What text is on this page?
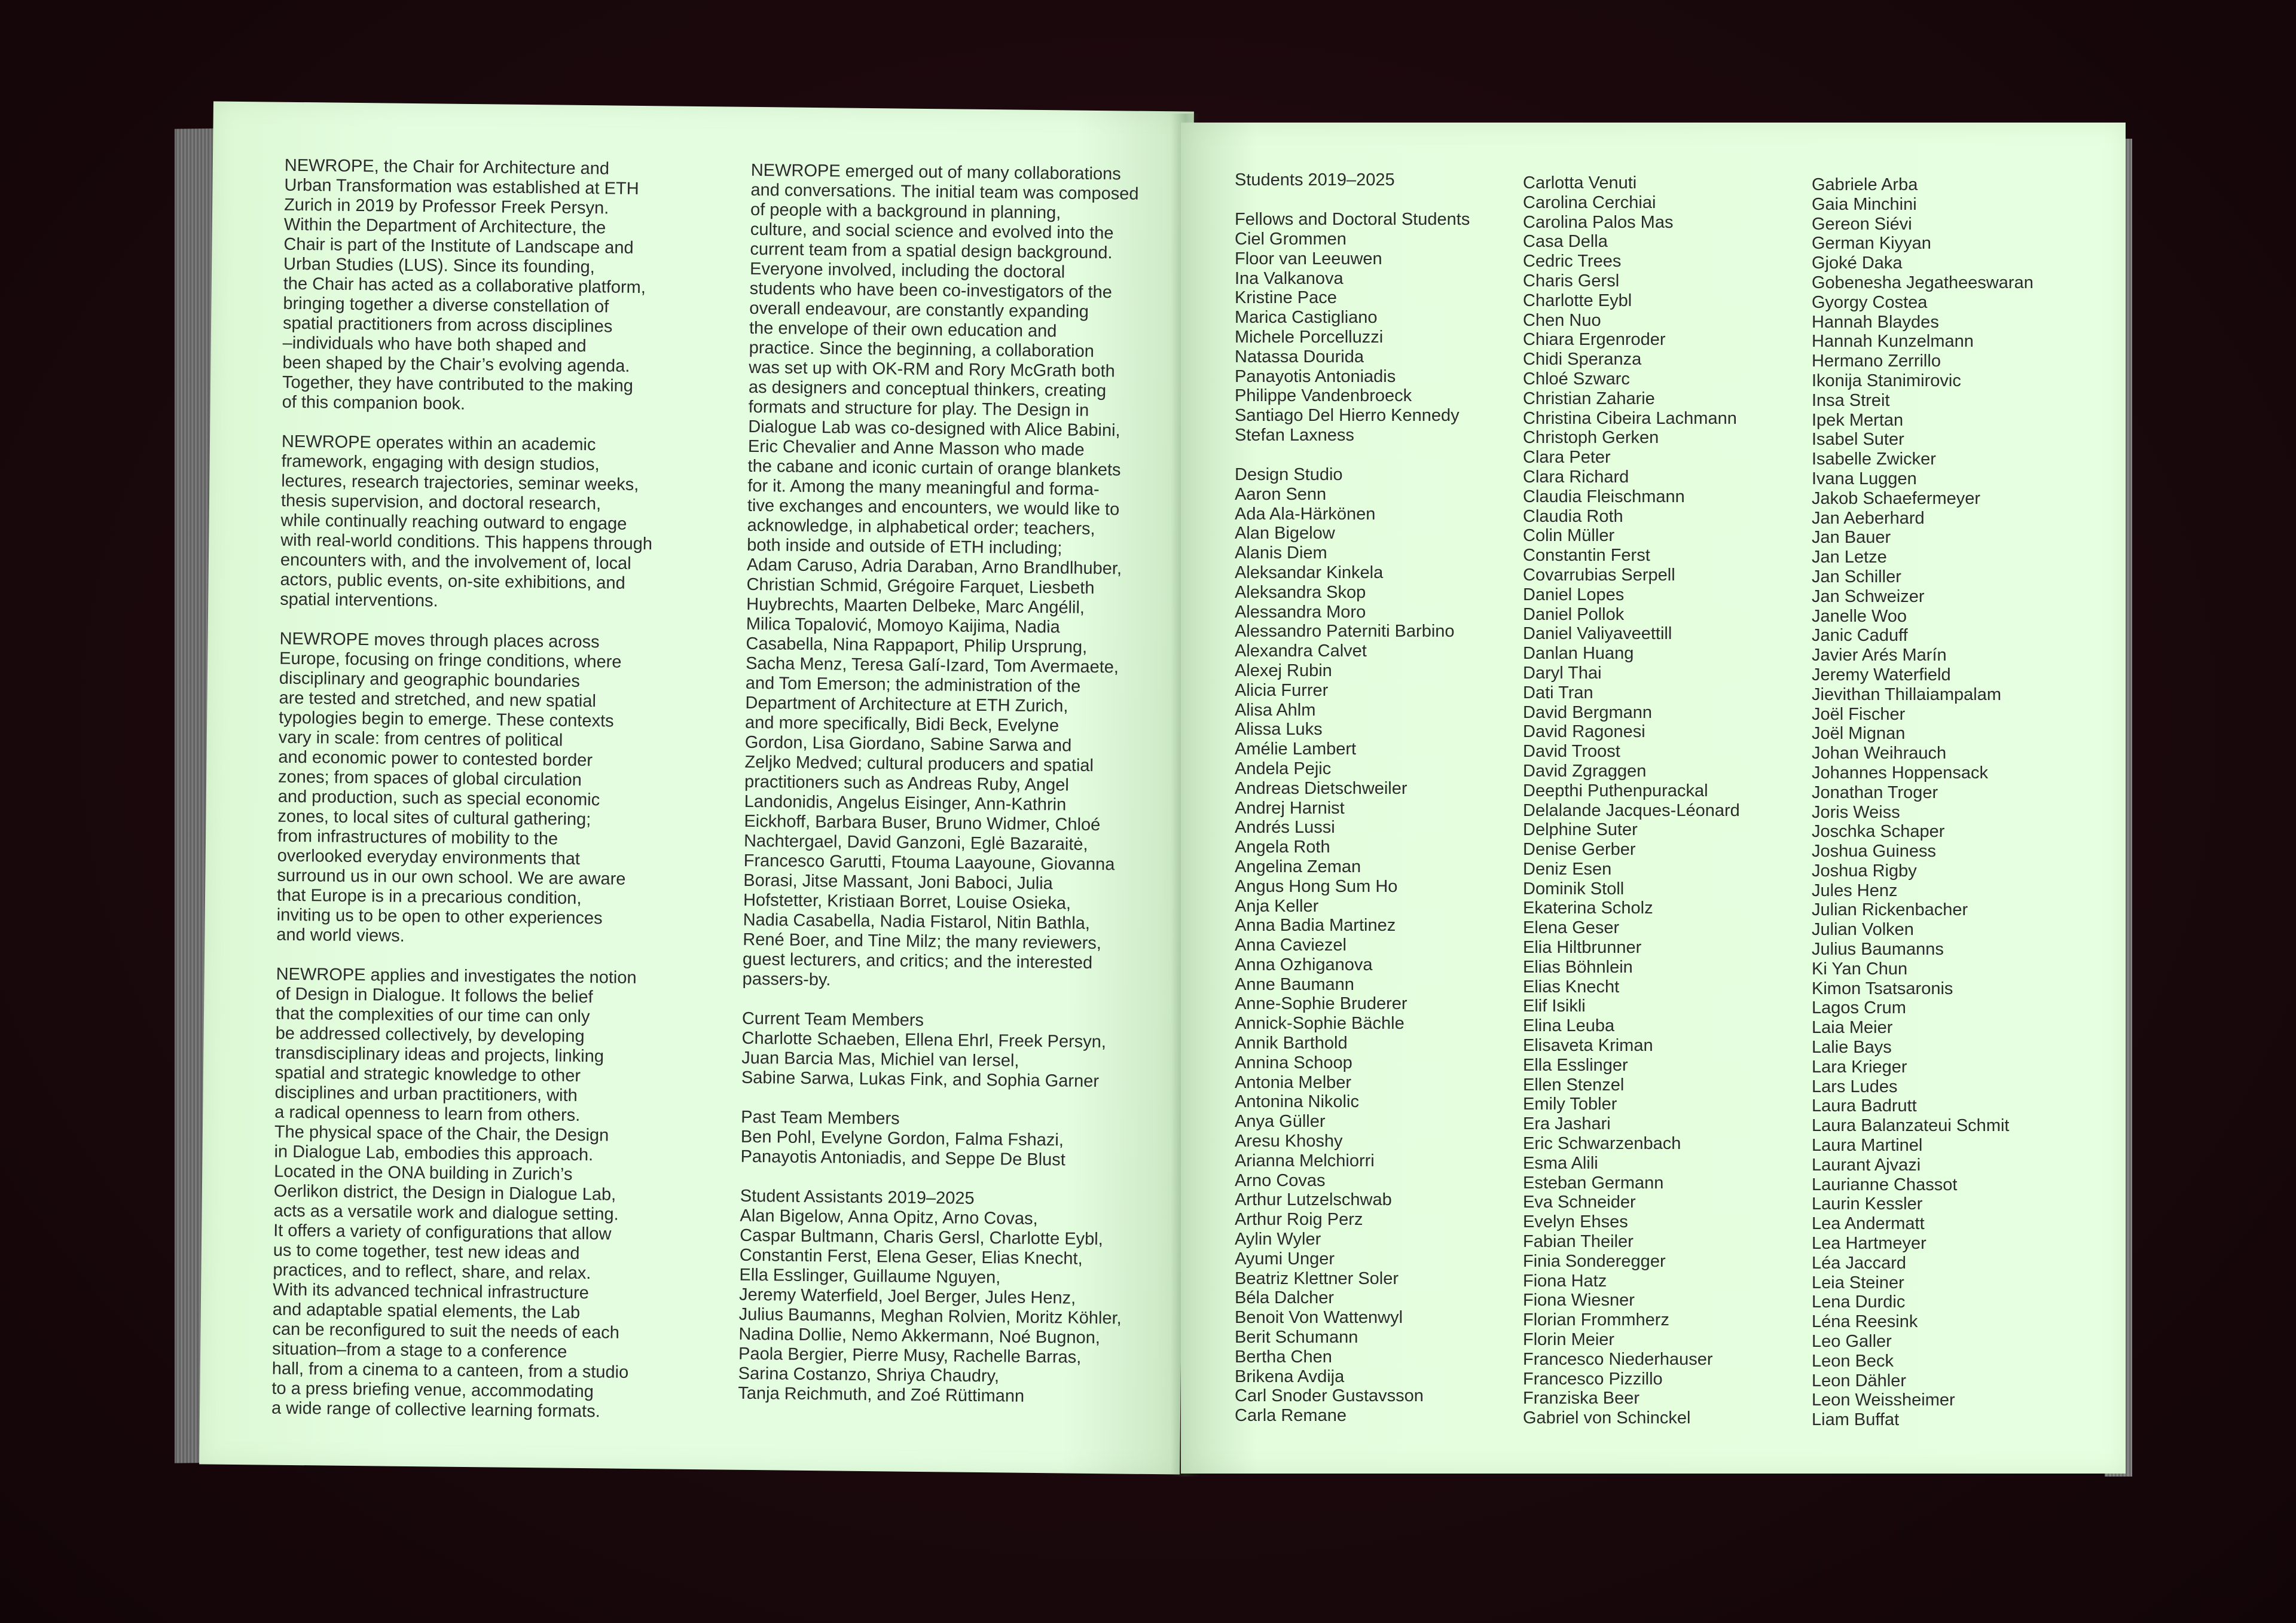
NEWROPE, the Chair for Architecture and
Urban Transformation was established at ETH
Zurich in 2019 by Professor Freek Persyn.
Within the Department of Architecture, the
Chair is part of the Institute of Landscape and
Urban Studies (LUS). Since its founding,
the Chair has acted as a collaborative platform,
bringing together a diverse constellation of
spatial practitioners from across disciplines
–individuals who have both shaped and
been shaped by the Chair’s evolving agenda.
Together, they have contributed to the making
of this companion book.

NEWROPE operates within an academic
framework, engaging with design studios,
lectures, research trajectories, seminar weeks,
thesis supervision, and doctoral research,
while continually reaching outward to engage
with real-world conditions. This happens through
encounters with, and the involvement of, local
actors, public events, on-site exhibitions, and
spatial interventions.

NEWROPE moves through places across
Europe, focusing on fringe conditions, where
disciplinary and geographic boundaries
are tested and stretched, and new spatial
typologies begin to emerge. These contexts
vary in scale: from centres of political
and economic power to contested border
zones; from spaces of global circulation
and production, such as special economic
zones, to local sites of cultural gathering;
from infrastructures of mobility to the
overlooked everyday environments that
surround us in our own school. We are aware
that Europe is in a precarious condition,
inviting us to be open to other experiences
and world views.

NEWROPE applies and investigates the notion
of Design in Dialogue. It follows the belief
that the complexities of our time can only
be addressed collectively, by developing
transdisciplinary ideas and projects, linking
spatial and strategic knowledge to other
disciplines and urban practitioners, with
a radical openness to learn from others.
The physical space of the Chair, the Design
in Dialogue Lab, embodies this approach.
Located in the ONA building in Zurich’s
Oerlikon district, the Design in Dialogue Lab,
acts as a versatile work and dialogue setting.
It offers a variety of configurations that allow
us to come together, test new ideas and
practices, and to reflect, share, and relax.
With its advanced technical infrastructure
and adaptable spatial elements, the Lab
can be reconfigured to suit the needs of each
situation–from a stage to a conference
hall, from a cinema to a canteen, from a studio
to a press briefing venue, accommodating
a wide range of collective learning formats.

NEWROPE emerged out of many collaborations
and conversations. The initial team was composed
of people with a background in planning,
culture, and social science and evolved into the
current team from a spatial design background.
Everyone involved, including the doctoral
students who have been co-investigators of the
overall endeavour, are constantly expanding
the envelope of their own education and
practice. Since the beginning, a collaboration
was set up with OK-RM and Rory McGrath both
as designers and conceptual thinkers, creating
formats and structure for play. The Design in
Dialogue Lab was co-designed with Alice Babini,
Eric Chevalier and Anne Masson who made
the cabane and iconic curtain of orange blankets
for it. Among the many meaningful and forma-
tive exchanges and encounters, we would like to
acknowledge, in alphabetical order; teachers,
both inside and outside of ETH including;
Adam Caruso, Adria Daraban, Arno Brandlhuber,
Christian Schmid, Grégoire Farquet, Liesbeth
Huybrechts, Maarten Delbeke, Marc Angélil,
Milica Topalović, Momoyo Kaijima, Nadia
Casabella, Nina Rappaport, Philip Ursprung,
Sacha Menz, Teresa Galí-Izard, Tom Avermaete,
and Tom Emerson; the administration of the
Department of Architecture at ETH Zurich,
and more specifically, Bidi Beck, Evelyne
Gordon, Lisa Giordano, Sabine Sarwa and
Zeljko Medved; cultural producers and spatial
practitioners such as Andreas Ruby, Angel
Landonidis, Angelus Eisinger, Ann-Kathrin
Eickhoff, Barbara Buser, Bruno Widmer, Chloé
Nachtergael, David Ganzoni, Eglė Bazaraitė,
Francesco Garutti, Ftouma Laayoune, Giovanna
Borasi, Jitse Massant, Joni Baboci, Julia
Hofstetter, Kristiaan Borret, Louise Osieka,
Nadia Casabella, Nadia Fistarol, Nitin Bathla,
René Boer, and Tine Milz; the many reviewers,
guest lecturers, and critics; and the interested
passers-by.

Current Team Members

Charlotte Schaeben, Ellena Ehrl, Freek Persyn,
Juan Barcia Mas, Michiel van Iersel,
Sabine Sarwa, Lukas Fink, and Sophia Garner

Past Team Members

Ben Pohl, Evelyne Gordon, Falma Fshazi,
Panayotis Antoniadis, and Seppe De Blust

Student Assistants 2019–2025

Alan Bigelow, Anna Opitz, Arno Covas,
Caspar Bultmann, Charis Gersl, Charlotte Eybl,
Constantin Ferst, Elena Geser, Elias Knecht,
Ella Esslinger, Guillaume Nguyen,
Jeremy Waterfield, Joel Berger, Jules Henz,
Julius Baumanns, Meghan Rolvien, Moritz Köhler,
Nadina Dollie, Nemo Akkermann, Noé Bugnon,
Paola Bergier, Pierre Musy, Rachelle Barras,
Sarina Costanzo, Shriya Chaudry,
Tanja Reichmuth, and Zoé Rüttimann

Students 2019–2025

Fellows and Doctoral Students

Ciel Grommen
Floor van Leeuwen
Ina Valkanova
Kristine Pace
Marica Castigliano
Michele Porcelluzzi
Natassa Dourida
Panayotis Antoniadis
Philippe Vandenbroeck
Santiago Del Hierro Kennedy
Stefan Laxness

Design Studio

Aaron Senn
Ada Ala-Härkönen
Alan Bigelow
Alanis Diem
Aleksandar Kinkela
Aleksandra Skop
Alessandra Moro
Alessandro Paterniti Barbino
Alexandra Calvet
Alexej Rubin
Alicia Furrer
Alisa Ahlm
Alissa Luks
Amélie Lambert
Andela Pejic
Andreas Dietschweiler
Andrej Harnist
Andrés Lussi
Angela Roth
Angelina Zeman
Angus Hong Sum Ho
Anja Keller
Anna Badia Martinez
Anna Caviezel
Anna Ozhiganova
Anne Baumann
Anne-Sophie Bruderer
Annick-Sophie Bächle
Annik Barthold
Annina Schoop
Antonia Melber
Antonina Nikolic
Anya Güller
Aresu Khoshy
Arianna Melchiorri
Arno Covas
Arthur Lutzelschwab
Arthur Roig Perz
Aylin Wyler
Ayumi Unger
Beatriz Klettner Soler
Béla Dalcher
Benoit Von Wattenwyl
Berit Schumann
Bertha Chen
Brikena Avdija
Carl Snoder Gustavsson
Carla Remane
Carlotta Venuti
Carolina Cerchiai
Carolina Palos Mas
Casa Della
Cedric Trees
Charis Gersl
Charlotte Eybl
Chen Nuo
Chiara Ergenroder
Chidi Speranza
Chloé Szwarc
Christian Zaharie
Christina Cibeira Lachmann
Christoph Gerken
Clara Peter
Clara Richard
Claudia Fleischmann
Claudia Roth
Colin Müller
Constantin Ferst
Covarrubias Serpell
Daniel Lopes
Daniel Pollok
Daniel Valiyaveettill
Danlan Huang
Daryl Thai
Dati Tran
David Bergmann
David Ragonesi
David Troost
David Zgraggen
Deepthi Puthenpurackal
Delalande Jacques-Léonard
Delphine Suter
Denise Gerber
Deniz Esen
Dominik Stoll
Ekaterina Scholz
Elena Geser
Elia Hiltbrunner
Elias Böhnlein
Elias Knecht
Elif Isikli
Elina Leuba
Elisaveta Kriman
Ella Esslinger
Ellen Stenzel
Emily Tobler
Era Jashari
Eric Schwarzenbach
Esma Alili
Esteban Germann
Eva Schneider
Evelyn Ehses
Fabian Theiler
Finia Sonderegger
Fiona Hatz
Fiona Wiesner
Florian Frommherz
Florin Meier
Francesco Niederhauser
Francesco Pizzillo
Franziska Beer
Gabriel von Schinckel
Gabriele Arba
Gaia Minchini
Gereon Siévi
German Kiyyan
Gjoké Daka
Gobenesha Jegatheeswaran
Gyorgy Costea
Hannah Blaydes
Hannah Kunzelmann
Hermano Zerrillo
Ikonija Stanimirovic
Insa Streit
Ipek Mertan
Isabel Suter
Isabelle Zwicker
Ivana Luggen
Jakob Schaefermeyer
Jan Aeberhard
Jan Bauer
Jan Letze
Jan Schiller
Jan Schweizer
Janelle Woo
Janic Caduff
Javier Arés Marín
Jeremy Waterfield
Jievithan Thillaiampalam
Joël Fischer
Joël Mignan
Johan Weihrauch
Johannes Hoppensack
Jonathan Troger
Joris Weiss
Joschka Schaper
Joshua Guiness
Joshua Rigby
Jules Henz
Julian Rickenbacher
Julian Volken
Julius Baumanns
Ki Yan Chun
Kimon Tsatsaronis
Lagos Crum
Laia Meier
Lalie Bays
Lara Krieger
Lars Ludes
Laura Badrutt
Laura Balanzateui Schmit
Laura Martinel
Laurant Ajvazi
Laurianne Chassot
Laurin Kessler
Lea Andermatt
Lea Hartmeyer
Léa Jaccard
Leia Steiner
Lena Durdic
Léna Reesink
Leo Galler
Leon Beck
Leon Dähler
Leon Weissheimer
Liam Buffat
